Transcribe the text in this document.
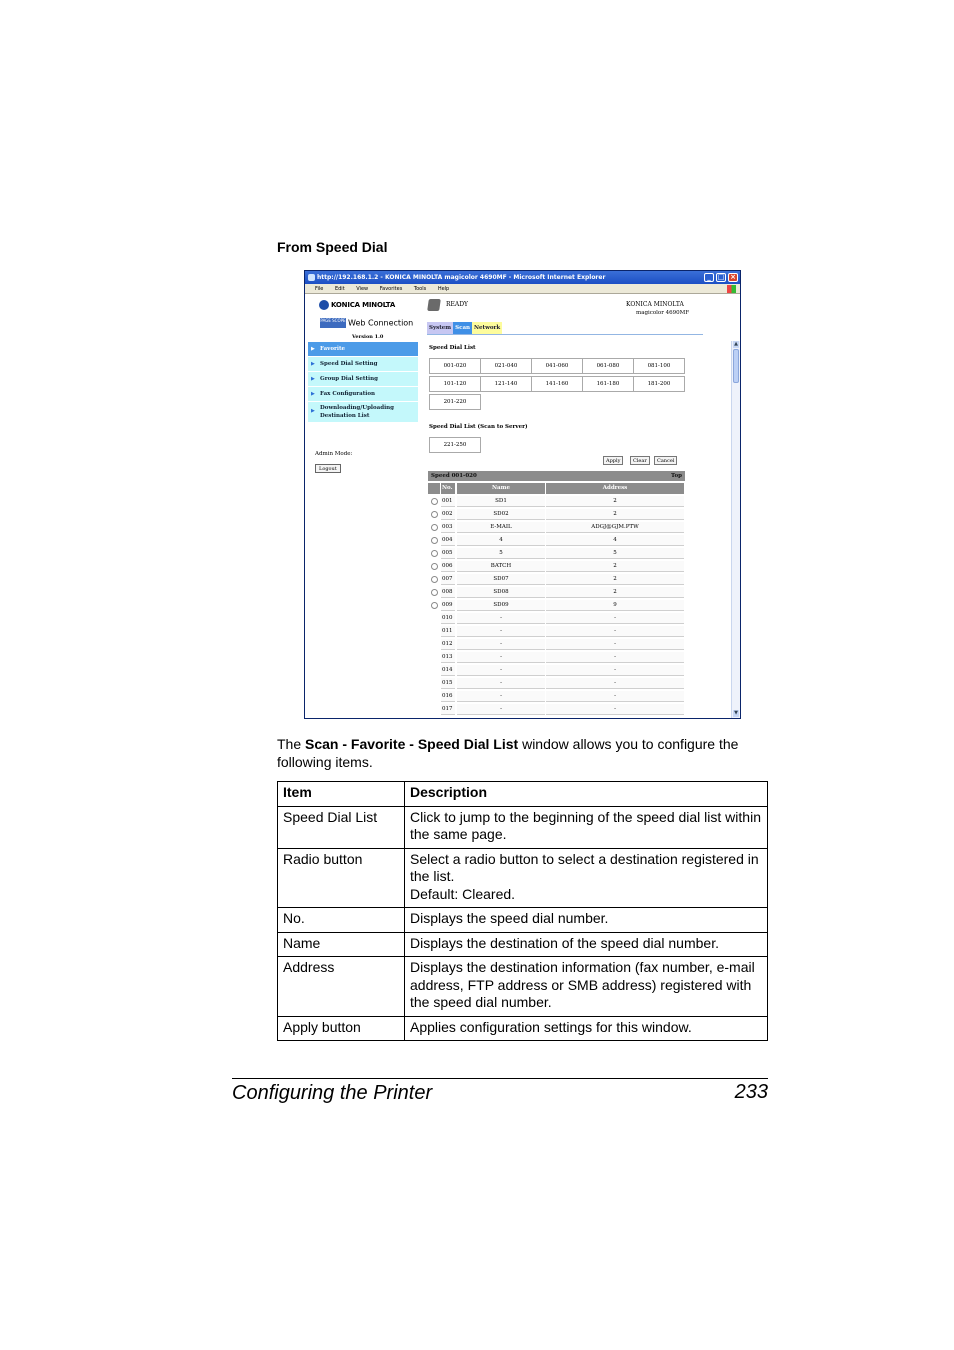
From Speed Dial
http://192.168.1.2 - KONICA MINOLTA magicolor 4690MF - Microsoft Internet Explorer	_ □ ×
File Edit View Favorites Tools Help
KONICA MINOLTA
PAGE SCOPE Web Connection
Version 1.0
▶ Favorite
▶ Speed Dial Setting
▶ Group Dial Setting
▶ Fax Configuration
▶ Downloading/Uploading
Destination List
Admin Mode:
Logout
READY	KONICA MINOLTA
magicolor 4690MF
System Scan Network
Speed Dial List
001-020	021-040	041-060	061-080	081-100
101-120	121-140	141-160	161-180	181-200
201-220
Speed Dial List (Scan to Server)
221-250
Apply	Clear	Cancel
Speed 001-020	Top
No.	Name	Address
001	SD1	2
002	SD02	2
003	E-MAIL	ADGJ@GJM.PTW
004	4	4
005	5	5
006	BATCH	2
007	SD07	2
008	SD08	2
009	SD09	9
010	-	-
011	-	-
012	-	-
013	-	-
014	-	-
015	-	-
016	-	-
017	-	-
▲
▼
The Scan - Favorite - Speed Dial List window allows you to configure the following items.
Item	Description
Speed Dial List	Click to jump to the beginning of the speed dial list within the same page.

Radio button	Select a radio button to select a destination registered in the list.
Default: Cleared.

No.	Displays the speed dial number.

Name	Displays the destination of the speed dial number.

Address	Displays the destination information (fax number, e-mail address, FTP address or SMB address) registered with the speed dial number.

Apply button	Applies configuration settings for this window.
Configuring the Printer	233
